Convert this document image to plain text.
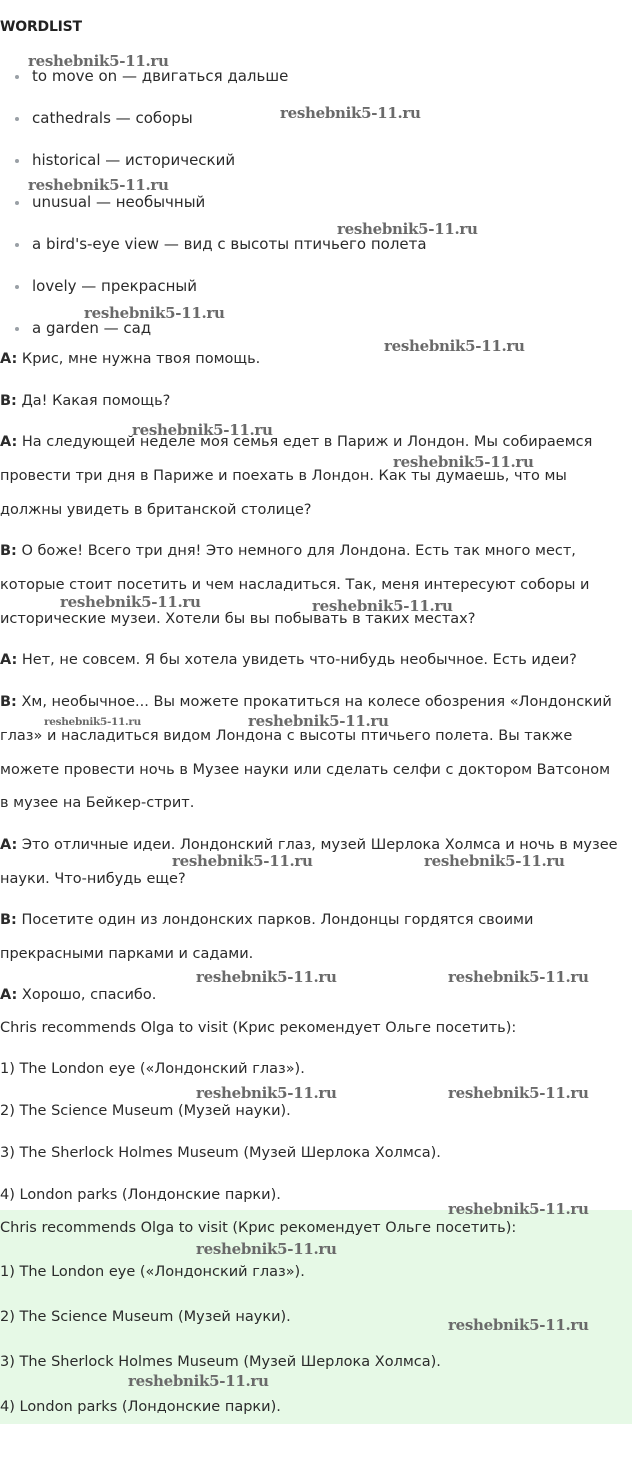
WORDLIST
to move on — двигаться дальше
cathedrals — соборы
historical — исторический
unusual — необычный
a bird's-eye view — вид с высоты птичьего полета
lovely — прекрасный
a garden — сад
A: Крис, мне нужна твоя помощь.
B: Да! Какая помощь?
A: На следующей неделе моя семья едет в Париж и Лондон. Мы собираемся
провести три дня в Париже и поехать в Лондон. Как ты думаешь, что мы
должны увидеть в британской столице?
B: О боже! Всего три дня! Это немного для Лондона. Есть так много мест,
которые стоит посетить и чем насладиться. Так, меня интересуют соборы и
исторические музеи. Хотели бы вы побывать в таких местах?
A: Нет, не совсем. Я бы хотела увидеть что-нибудь необычное. Есть идеи?
B: Хм, необычное... Вы можете прокатиться на колесе обозрения «Лондонский
глаз» и насладиться видом Лондона с высоты птичьего полета. Вы также
можете провести ночь в Музее науки или сделать селфи с доктором Ватсоном
в музее на Бейкер-стрит.
A: Это отличные идеи. Лондонский глаз, музей Шерлока Холмса и ночь в музее
науки. Что-нибудь еще?
B: Посетите один из лондонских парков. Лондонцы гордятся своими
прекрасными парками и садами.
A: Хорошо, спасибо.
Chris recommends Olga to visit (Крис рекомендует Ольге посетить):
1) The London eye («Лондонский глаз»).
2) The Science Museum (Музей науки).
3) The Sherlock Holmes Museum (Музей Шерлока Холмса).
4) London parks (Лондонские парки).
Chris recommends Olga to visit (Крис рекомендует Ольге посетить):
1) The London eye («Лондонский глаз»).
2) The Science Museum (Музей науки).
3) The Sherlock Holmes Museum (Музей Шерлока Холмса).
4) London parks (Лондонские парки).
reshebnik5-11.ru
reshebnik5-11.ru
reshebnik5-11.ru
reshebnik5-11.ru
reshebnik5-11.ru
reshebnik5-11.ru
reshebnik5-11.ru
reshebnik5-11.ru
reshebnik5-11.ru	reshebnik5-11.ru
reshebnik5-11.ru	reshebnik5-11.ru
reshebnik5-11.ru	reshebnik5-11.ru
reshebnik5-11.ru	reshebnik5-11.ru
reshebnik5-11.ru	reshebnik5-11.ru
reshebnik5-11.ru
reshebnik5-11.ru
reshebnik5-11.ru
reshebnik5-11.ru
